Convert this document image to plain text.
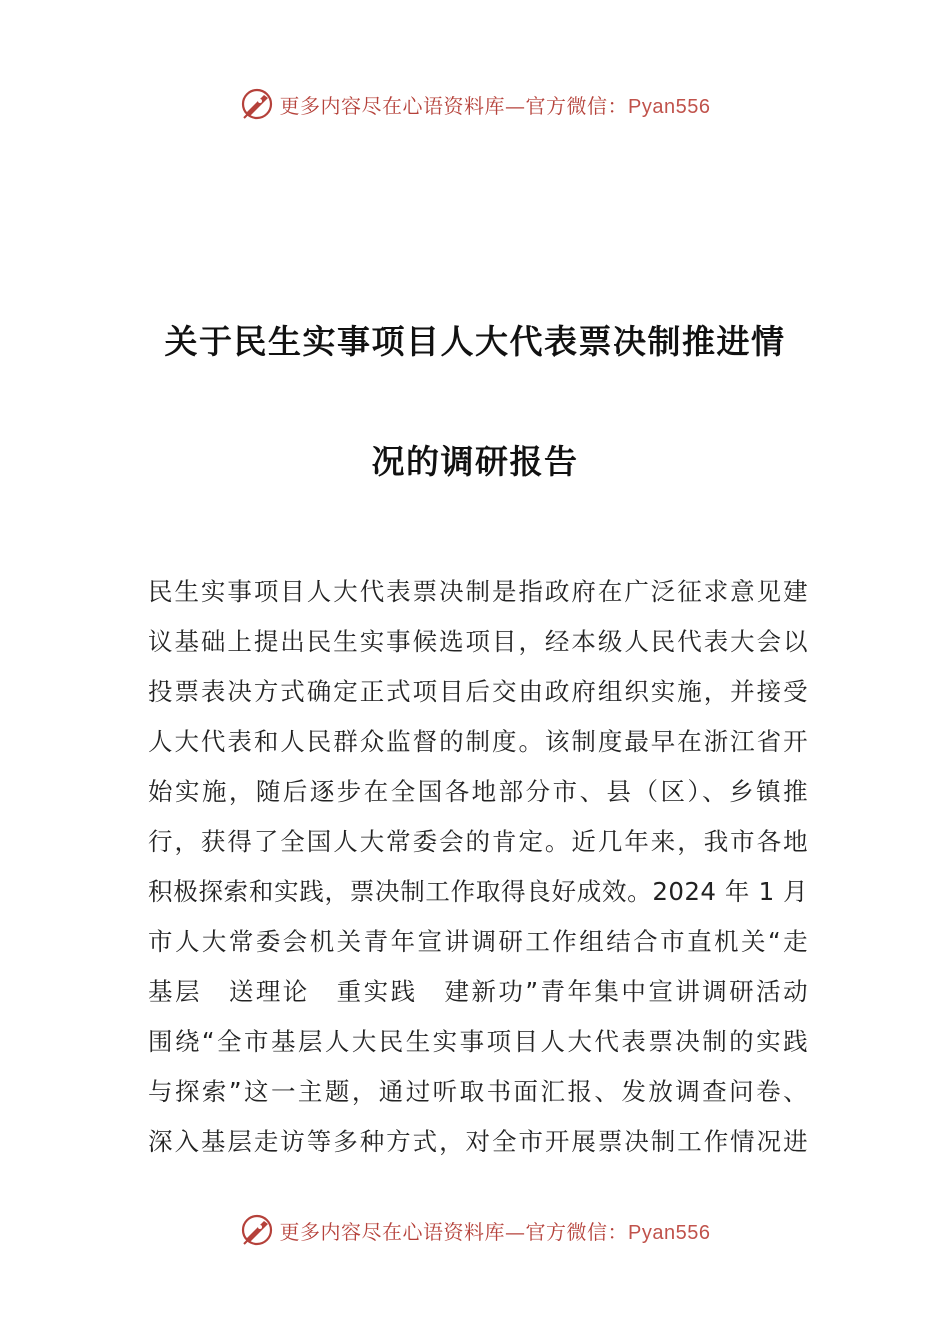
更多内容尽在心语资料库—官方微信：Pyan556
关于民生实事项目人大代表票决制推进情
况的调研报告
民生实事项目人大代表票决制是指政府在广泛征求意见建
议基础上提出民生实事候选项目，经本级人民代表大会以
投票表决方式确定正式项目后交由政府组织实施，并接受
人大代表和人民群众监督的制度。该制度最早在浙江省开
始实施，随后逐步在全国各地部分市、县（区）、乡镇推
行，获得了全国人大常委会的肯定。近几年来，我市各地
积极探索和实践，票决制工作取得良好成效。2024 年 1 月
市人大常委会机关青年宣讲调研工作组结合市直机关“走
基层　送理论　重实践　建新功”青年集中宣讲调研活动
围绕“全市基层人大民生实事项目人大代表票决制的实践
与探索”这一主题，通过听取书面汇报、发放调查问卷、
深入基层走访等多种方式，对全市开展票决制工作情况进
更多内容尽在心语资料库—官方微信：Pyan556
